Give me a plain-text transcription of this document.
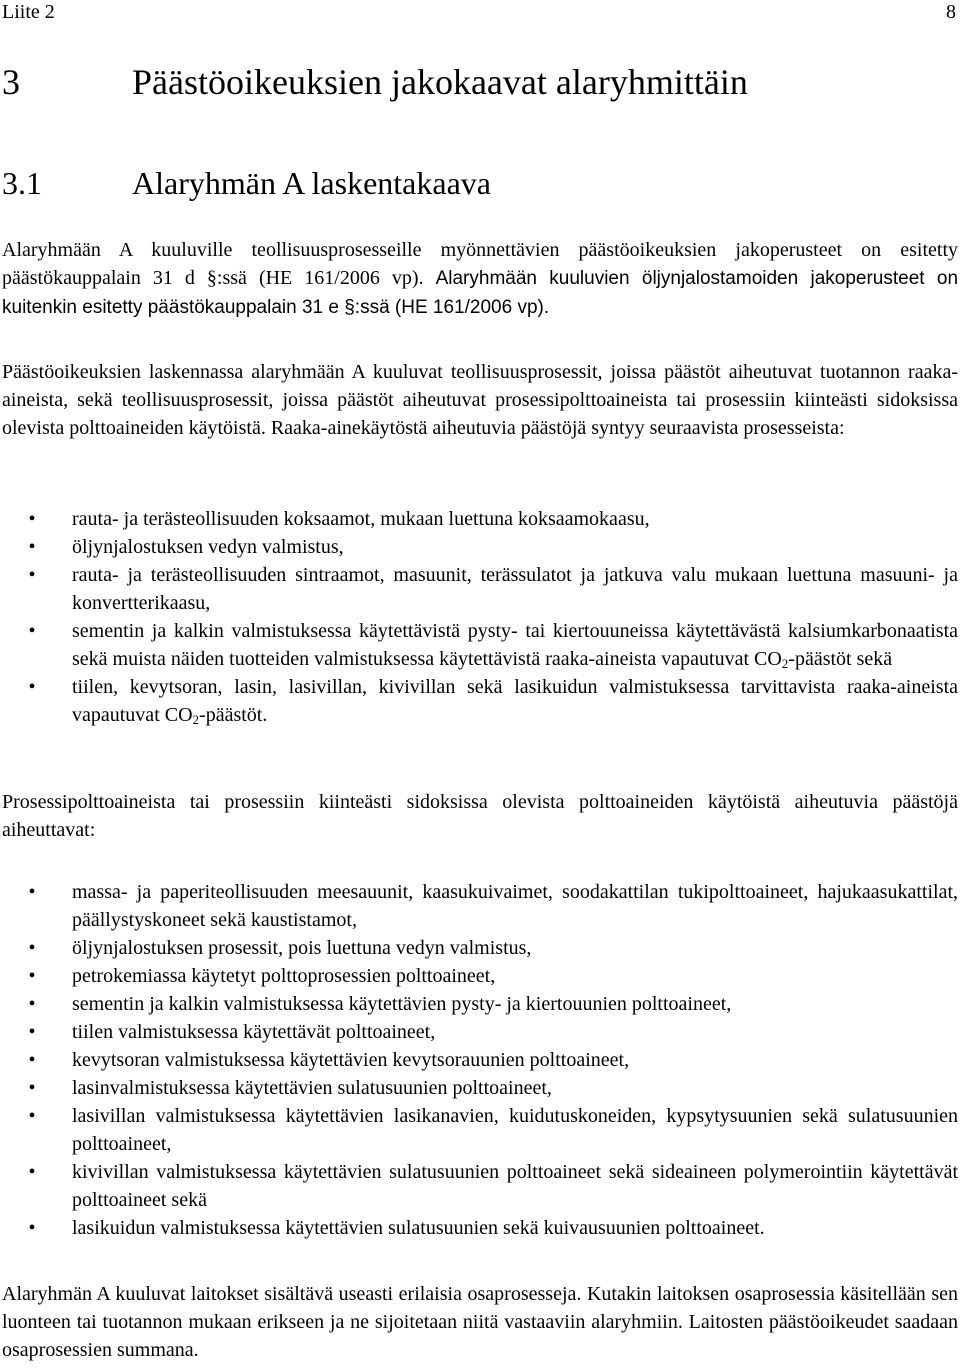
Liite 2	8
3	Päästöoikeuksien jakokaavat alaryhmittäin
3.1	Alaryhmän A laskentakaava

Alaryhmään A kuuluville teollisuusprosesseille myönnettävien päästöoikeuksien jakoperusteet on esitetty päästökauppalain 31 d §:ssä (HE 161/2006 vp). Alaryhmään kuuluvien öljynjalostamoiden jakoperusteet on kuitenkin esitetty päästökauppalain 31 e §:ssä (HE 161/2006 vp).

Päästöoikeuksien laskennassa alaryhmään A kuuluvat teollisuusprosessit, joissa päästöt aiheutuvat tuotannon raaka-aineista, sekä teollisuusprosessit, joissa päästöt aiheutuvat prosessipolttoaineista tai prosessiin kiinteästi sidoksissa olevista polttoaineiden käytöistä. Raaka-ainekäytöstä aiheutuvia päästöjä syntyy seuraavista prosesseista:

• rauta- ja terästeollisuuden koksaamot, mukaan luettuna koksaamokaasu,
• öljynjalostuksen vedyn valmistus,
• rauta- ja terästeollisuuden sintraamot, masuunit, terässulatot ja jatkuva valu mukaan luettuna masuuni- ja konvertterikaasu,
• sementin ja kalkin valmistuksessa käytettävistä pysty- tai kiertouuneissa käytettävästä kalsiumkarbonaatista sekä muista näiden tuotteiden valmistuksessa käytettävistä raaka-aineista vapautuvat $CO_2$-päästöt sekä
• tiilen, kevytsoran, lasin, lasivillan, kivivillan sekä lasikuidun valmistuksessa tarvittavista raaka-aineista vapautuvat $CO_2$-päästöt.

Prosessipolttoaineista tai prosessiin kiinteästi sidoksissa olevista polttoaineiden käytöistä aiheutuvia päästöjä aiheuttavat:

• massa- ja paperiteollisuuden meesauunit, kaasukuivaimet, soodakattilan tukipolttoaineet, hajukaasukattilat, päällystyskoneet sekä kaustistamot,
• öljynjalostuksen prosessit, pois luettuna vedyn valmistus,
• petrokemiassa käytetyt polttoprosessien polttoaineet,
• sementin ja kalkin valmistuksessa käytettävien pysty- ja kiertouunien polttoaineet,
• tiilen valmistuksessa käytettävät polttoaineet,
• kevytsoran valmistuksessa käytettävien kevytsorauunien polttoaineet,
• lasinvalmistuksessa käytettävien sulatusuunien polttoaineet,
• lasivillan valmistuksessa käytettävien lasikanavien, kuidutuskoneiden, kypsytysuunien sekä sulatusuunien polttoaineet,
• kivivillan valmistuksessa käytettävien sulatusuunien polttoaineet sekä sideaineen polymerointiin käytettävät polttoaineet sekä
• lasikuidun valmistuksessa käytettävien sulatusuunien sekä kuivausuunien polttoaineet.

Alaryhmän A kuuluvat laitokset sisältävä useasti erilaisia osaprosesseja. Kutakin laitoksen osaprosessia käsitellään sen luonteen tai tuotannon mukaan erikseen ja ne sijoitetaan niitä vastaaviin alaryhmiin. Laitosten päästöoikeudet saadaan osaprosessien summana.
